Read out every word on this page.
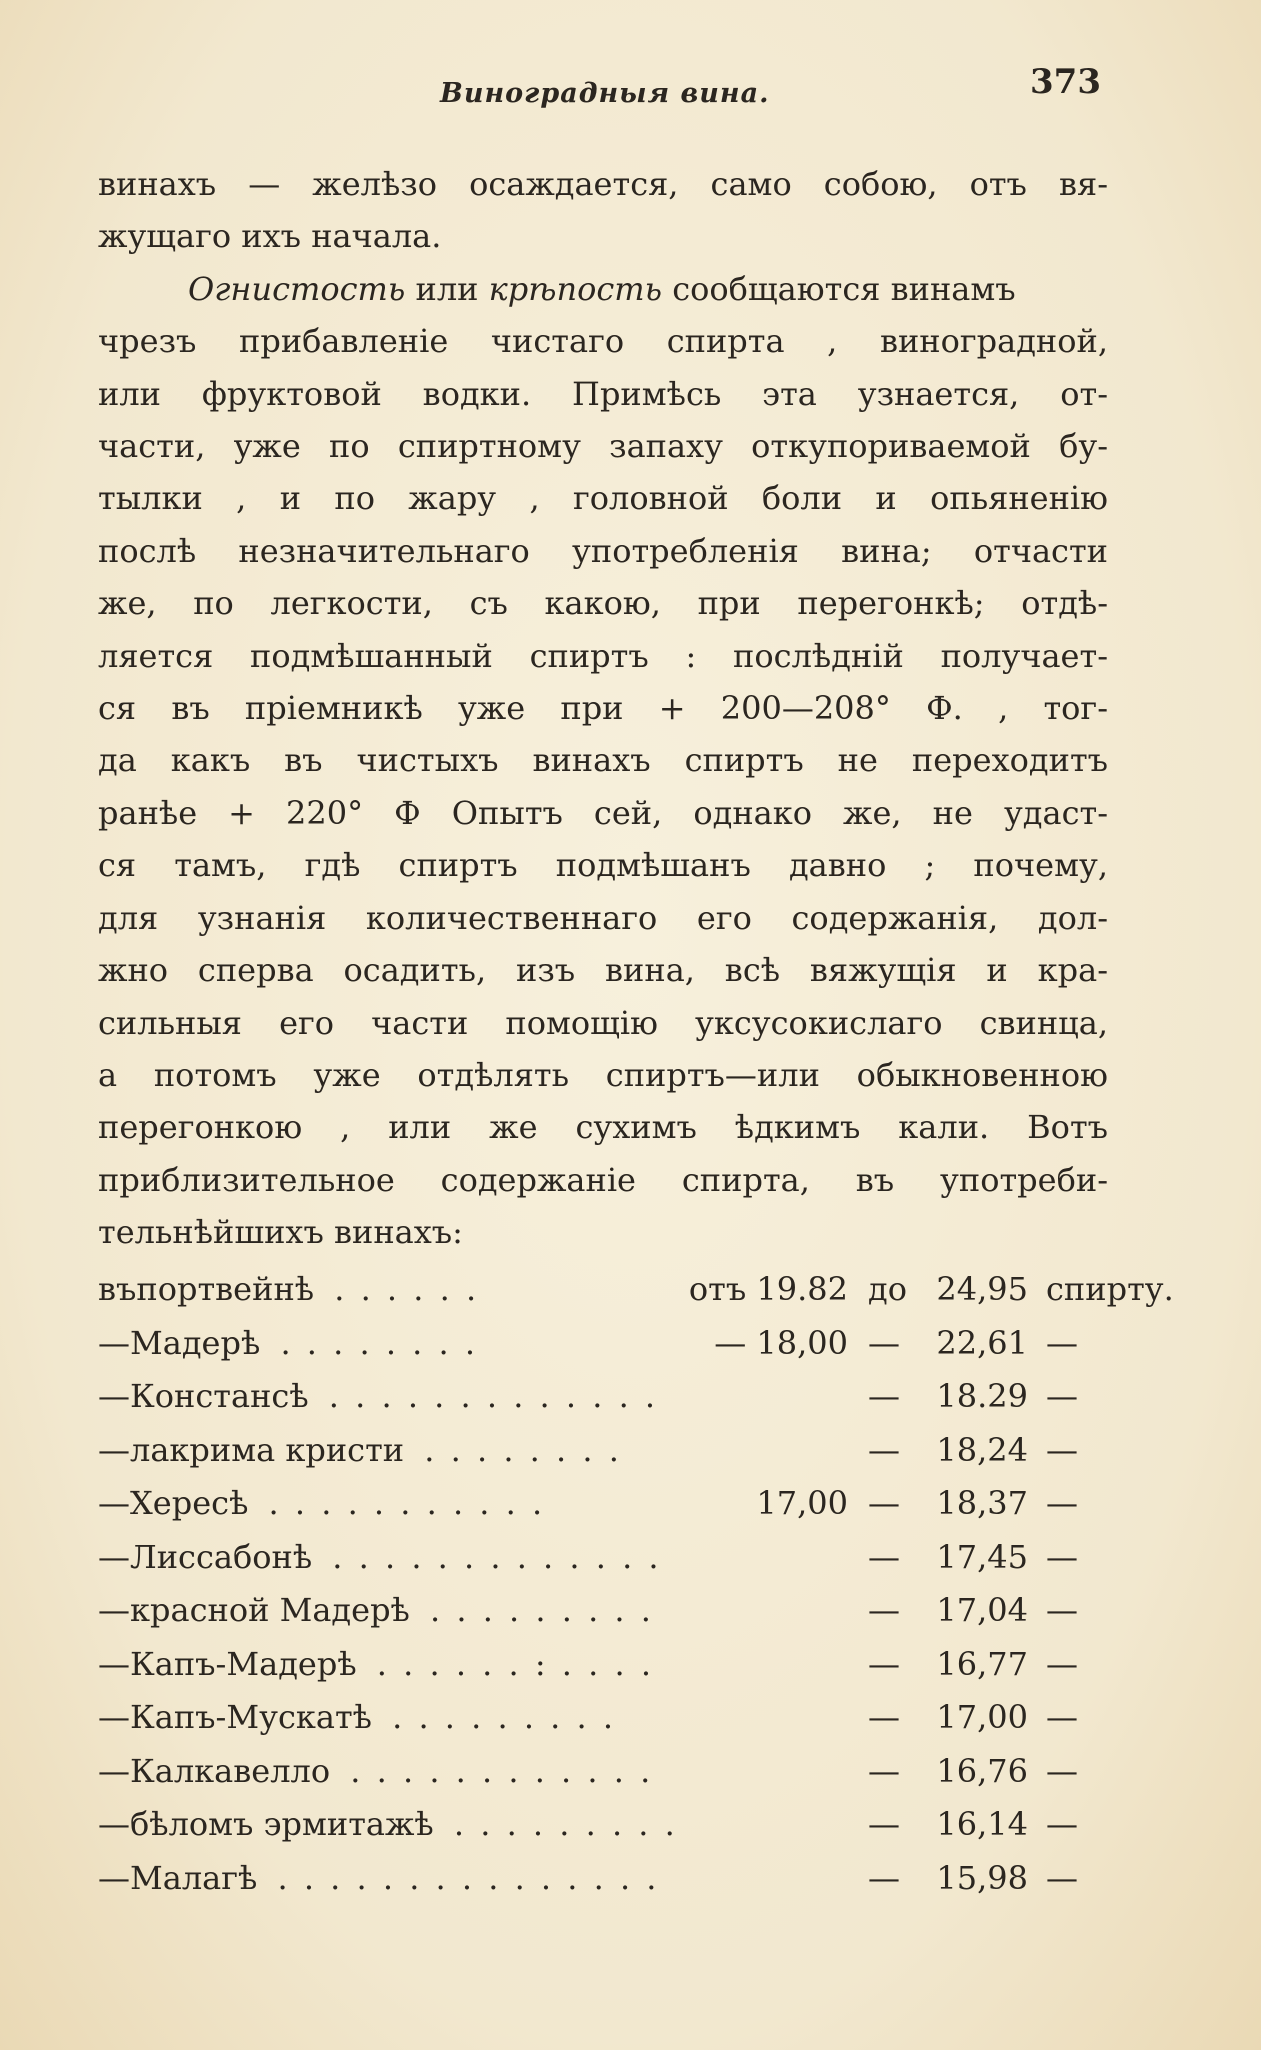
Виноградныя вина.	373
винахъ — желѣзо осаждается, само собою, отъ вя-
жущаго ихъ начала.
Огнистость или крѣпость сообщаются винамъ
чрезъ прибавленіе чистаго спирта , виноградной,
или фруктовой водки. Примѣсь эта узнается, от-
части, уже по спиртному запаху откупориваемой бу-
тылки , и по жару , головной боли и опьяненію
послѣ незначительнаго употребленія вина; отчасти
же, по легкости, съ какою, при перегонкѣ; отдѣ-
ляется подмѣшанный спиртъ : послѣдній получает-
ся въ пріемникѣ уже при + 200—208° Ф. , тог-
да какъ въ чистыхъ винахъ спиртъ не переходитъ
ранѣе + 220° Ф Опытъ сей, однако же, не удаст-
ся тамъ, гдѣ спиртъ подмѣшанъ давно ; почему,
для узнанія количественнаго его содержанія, дол-
жно сперва осадить, изъ вина, всѣ вяжущія и кра-
сильныя его части помощію уксусокислаго свинца,
а потомъ уже отдѣлять спиртъ—или обыкновенною
перегонкою , или же сухимъ ѣдкимъ кали. Вотъ
приблизительное содержаніе спирта, въ употреби-
тельнѣйшихъ винахъ:
въ портвейнѣ . . . . . .	отъ 19.82 до 24,95 спирту.
— Мадерѣ . . . . . . . .	— 18,00 —	22,61 —
— Констансѣ . . . . . . . . . . . . .	—	18.29 —
— лакрима кристи . . . . . . . .	—	18,24 —
— Хересѣ . . . . . . . . . . .	17,00 —	18,37 —
— Лиссабонѣ . . . . . . . . . . . . .	—	17,45 —
— красной Мадерѣ . . . . . . . . .	—	17,04 —
— Капъ-Мадерѣ . . . . . . : . . . .	—	16,77 —
— Капъ-Мускатѣ . . . . . . . . .	—	17,00 —
— Калкавелло . . . . . . . . . . . .	—	16,76 —
— бѣломъ эрмитажѣ . . . . . . . . .	—	16,14 —
— Малагѣ . . . . . . . . . . . . . . .	—	15,98 —
